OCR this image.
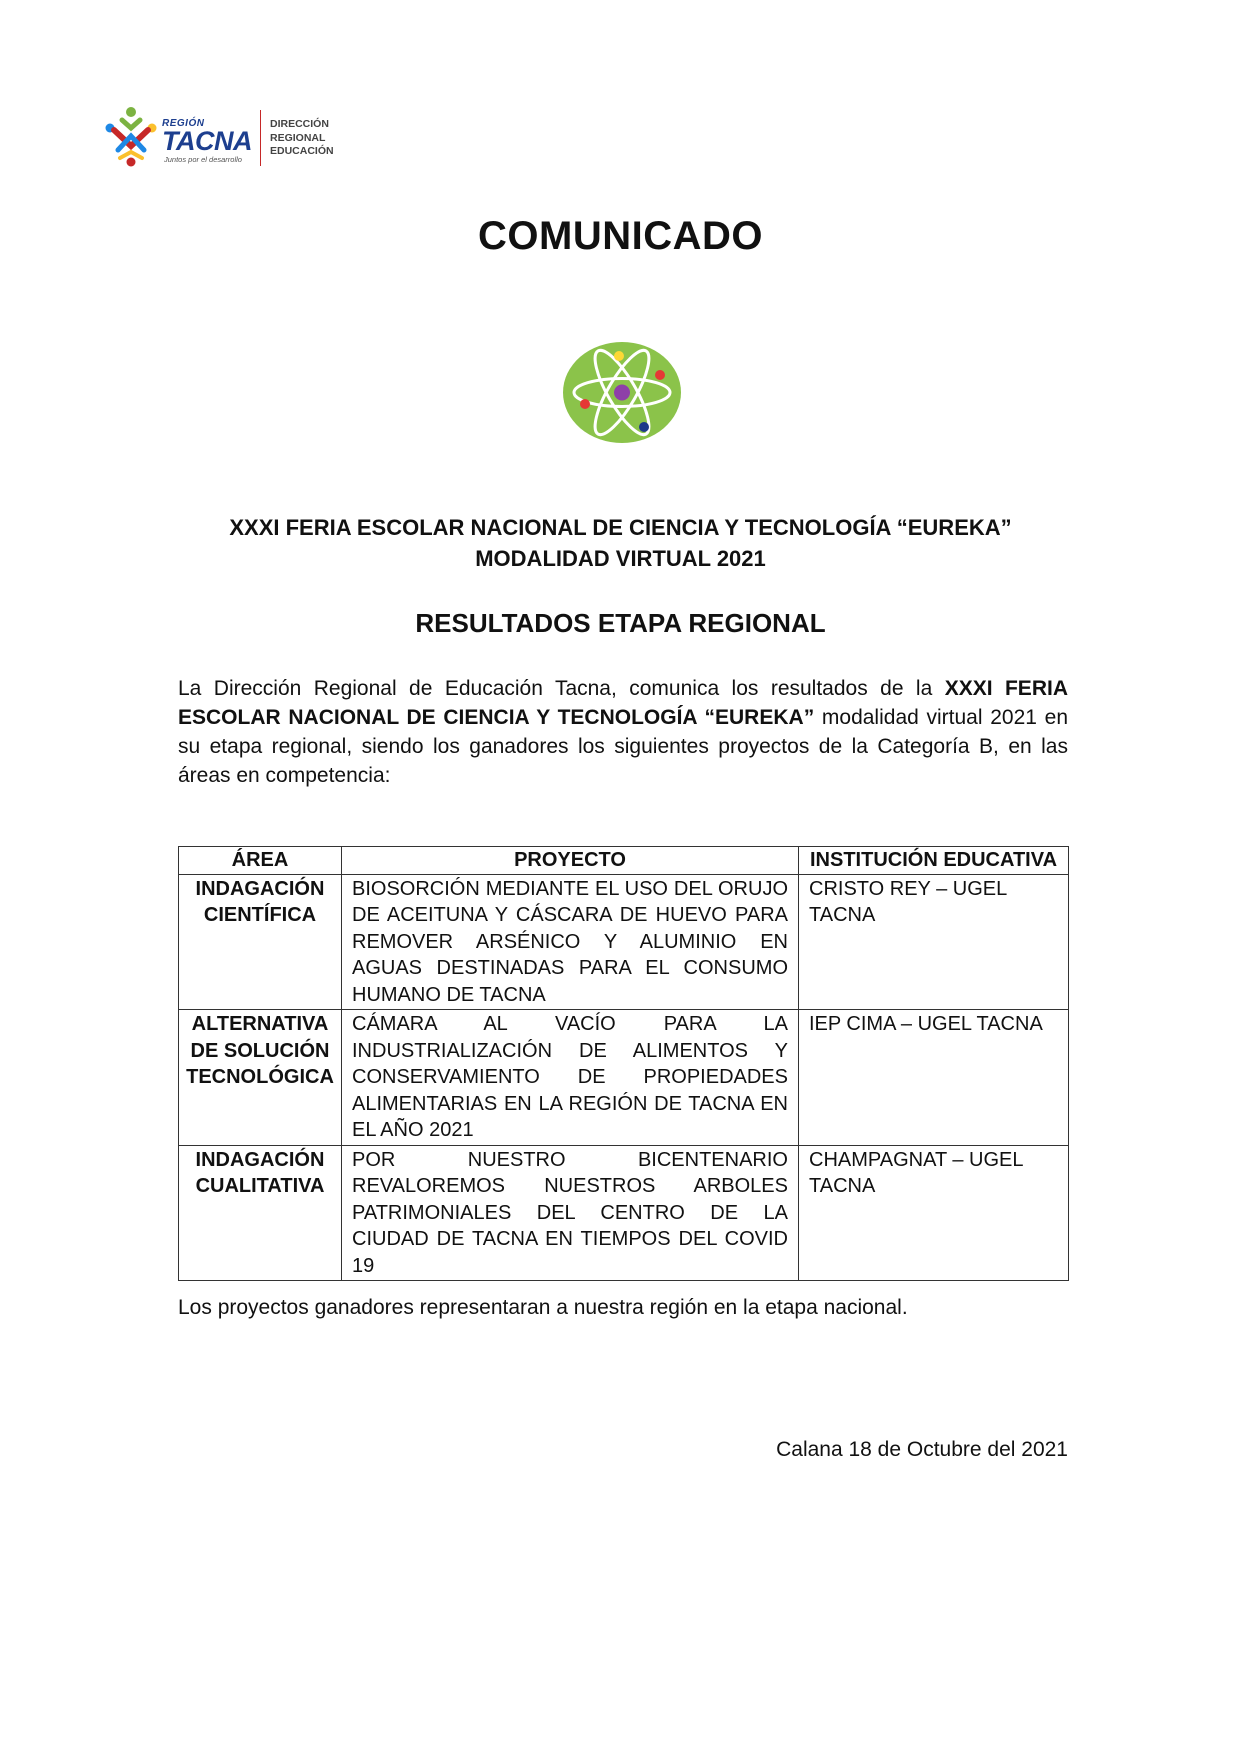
REGIÓN
TACNA
Juntos por el desarrollo
DIRECCIÓN
REGIONAL
EDUCACIÓN
COMUNICADO
XXXI FERIA ESCOLAR NACIONAL DE CIENCIA Y TECNOLOGÍA “EUREKA”
MODALIDAD VIRTUAL 2021
RESULTADOS ETAPA REGIONAL

La Dirección Regional de Educación Tacna, comunica los resultados de la XXXI FERIA ESCOLAR NACIONAL DE CIENCIA Y TECNOLOGÍA “EUREKA” modalidad virtual 2021 en su etapa regional, siendo los ganadores los siguientes proyectos de la Categoría B, en las áreas en competencia:

ÁREA	PROYECTO	INSTITUCIÓN EDUCATIVA
INDAGACIÓN CIENTÍFICA	BIOSORCIÓN MEDIANTE EL USO DEL ORUJO DE ACEITUNA Y CÁSCARA DE HUEVO PARA REMOVER ARSÉNICO Y ALUMINIO EN AGUAS DESTINADAS PARA EL CONSUMO HUMANO DE TACNA	CRISTO REY – UGEL TACNA
ALTERNATIVA DE SOLUCIÓN TECNOLÓGICA	CÁMARA AL VACÍO PARA LA INDUSTRIALIZACIÓN DE ALIMENTOS Y CONSERVAMIENTO DE PROPIEDADES ALIMENTARIAS EN LA REGIÓN DE TACNA EN EL AÑO 2021	IEP CIMA – UGEL TACNA
INDAGACIÓN CUALITATIVA	POR NUESTRO BICENTENARIO REVALOREMOS NUESTROS ARBOLES PATRIMONIALES DEL CENTRO DE LA CIUDAD DE TACNA EN TIEMPOS DEL COVID 19	CHAMPAGNAT – UGEL TACNA
Los proyectos ganadores representaran a nuestra región en la etapa nacional.
Calana 18 de Octubre del 2021
